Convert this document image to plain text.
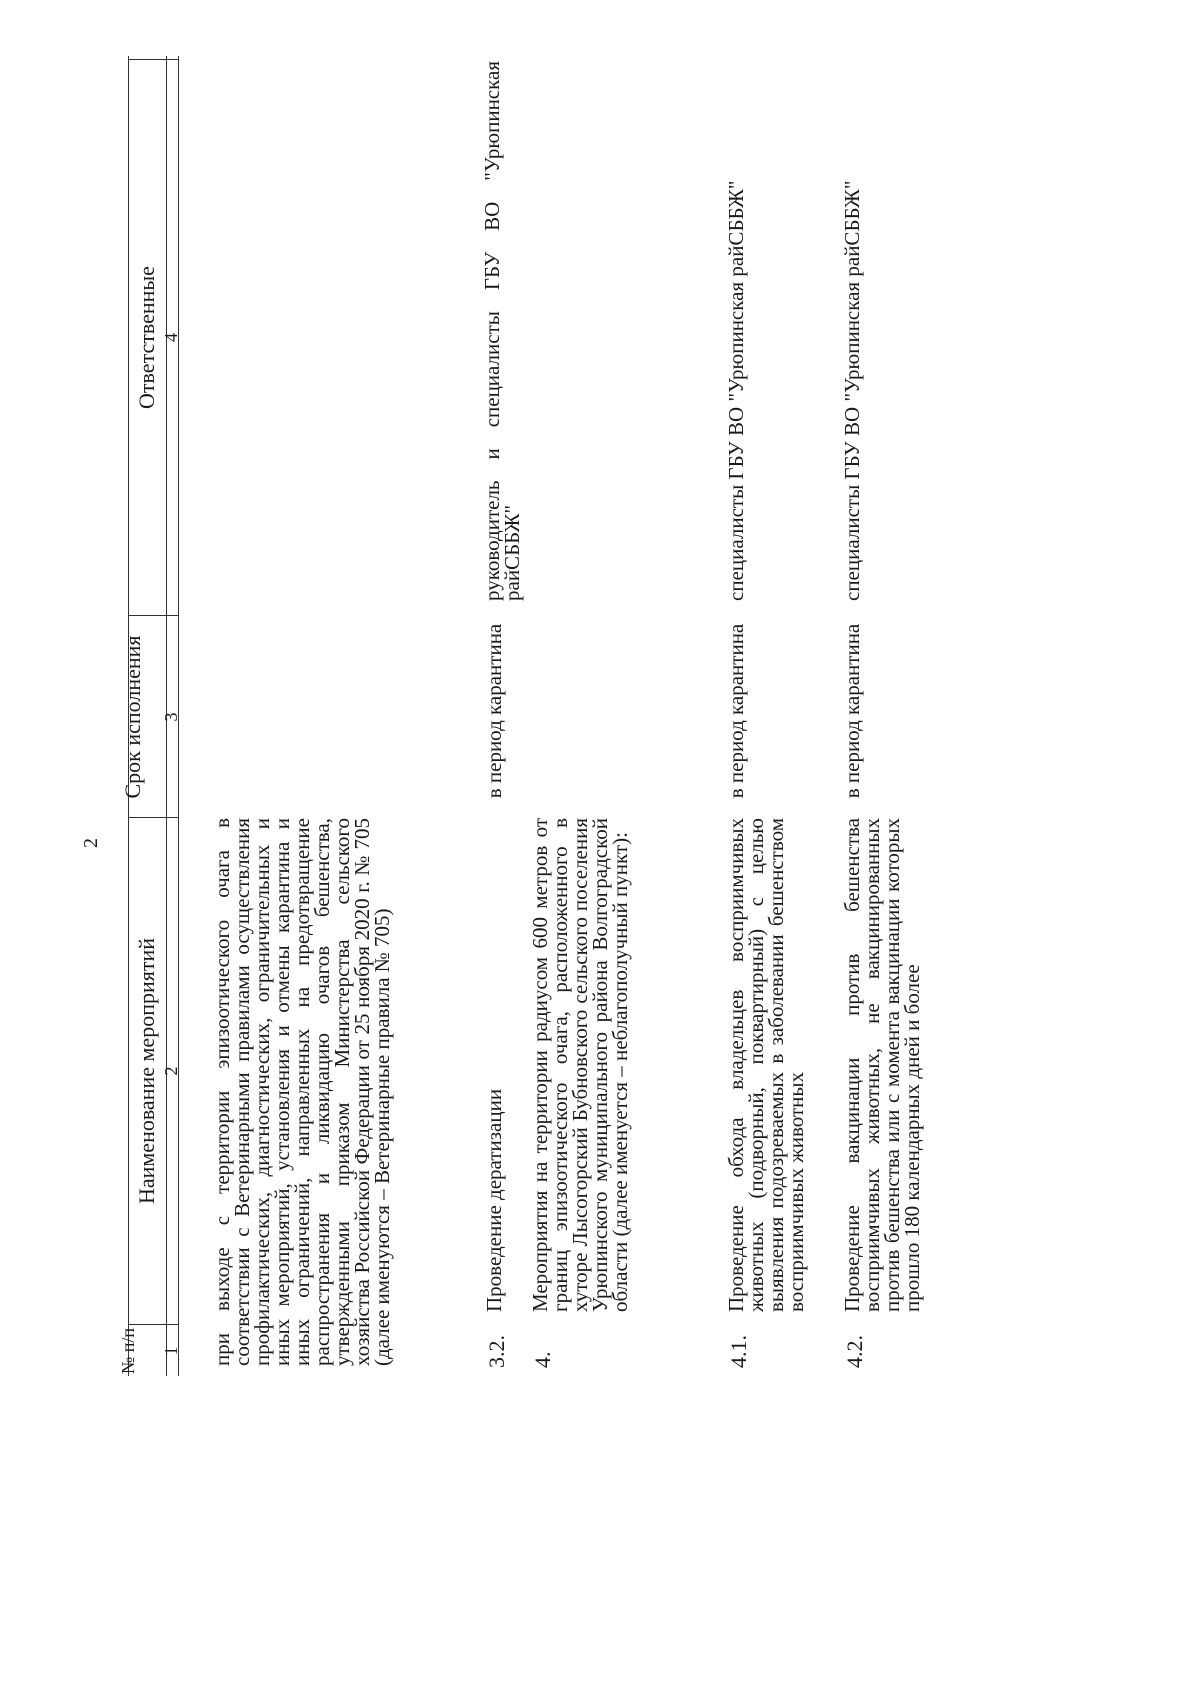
2
№ п/п
Наименование мероприятий
Срок исполнения
Ответственные
1
2
3
4
при выходе с территории эпизоотического очага в соответствии с Ветеринарными правилами осуществления профилактических, диагностических, ограничительных и иных мероприятий, установления и отмены карантина и иных ограничений, направленных на предотвращение распространения и ликвидацию очагов бешенства, утвержденными приказом Министерства сельского хозяйства Российской Федерации от 25 ноября 2020 г. № 705 (далее именуются – Ветеринарные правила № 705)	3.2.
Проведение дератизации
в период карантина
руководитель и специалисты ГБУ ВО "Урюпинская райСББЖ"
4.
Мероприятия на территории радиусом 600 метров от границ эпизоотического очага, расположенного в хуторе Лысогорский Бубновского сельского поселения Урюпинского муниципального района Волгоградской области (далее именуется – неблагополучный пункт):
4.1.
Проведение обхода владельцев восприимчивых животных (подворный, поквартирный) с целью выявления подозреваемых в заболевании бешенством восприимчивых животных
в период карантина
специалисты ГБУ ВО "Урюпинская райСББЖ"
4.2.
Проведение вакцинации против бешенства восприимчивых животных, не вакцинированных против бешенства или с момента вакцинации которых прошло 180 календарных дней и более
в период карантина
специалисты ГБУ ВО "Урюпинская райСББЖ"
